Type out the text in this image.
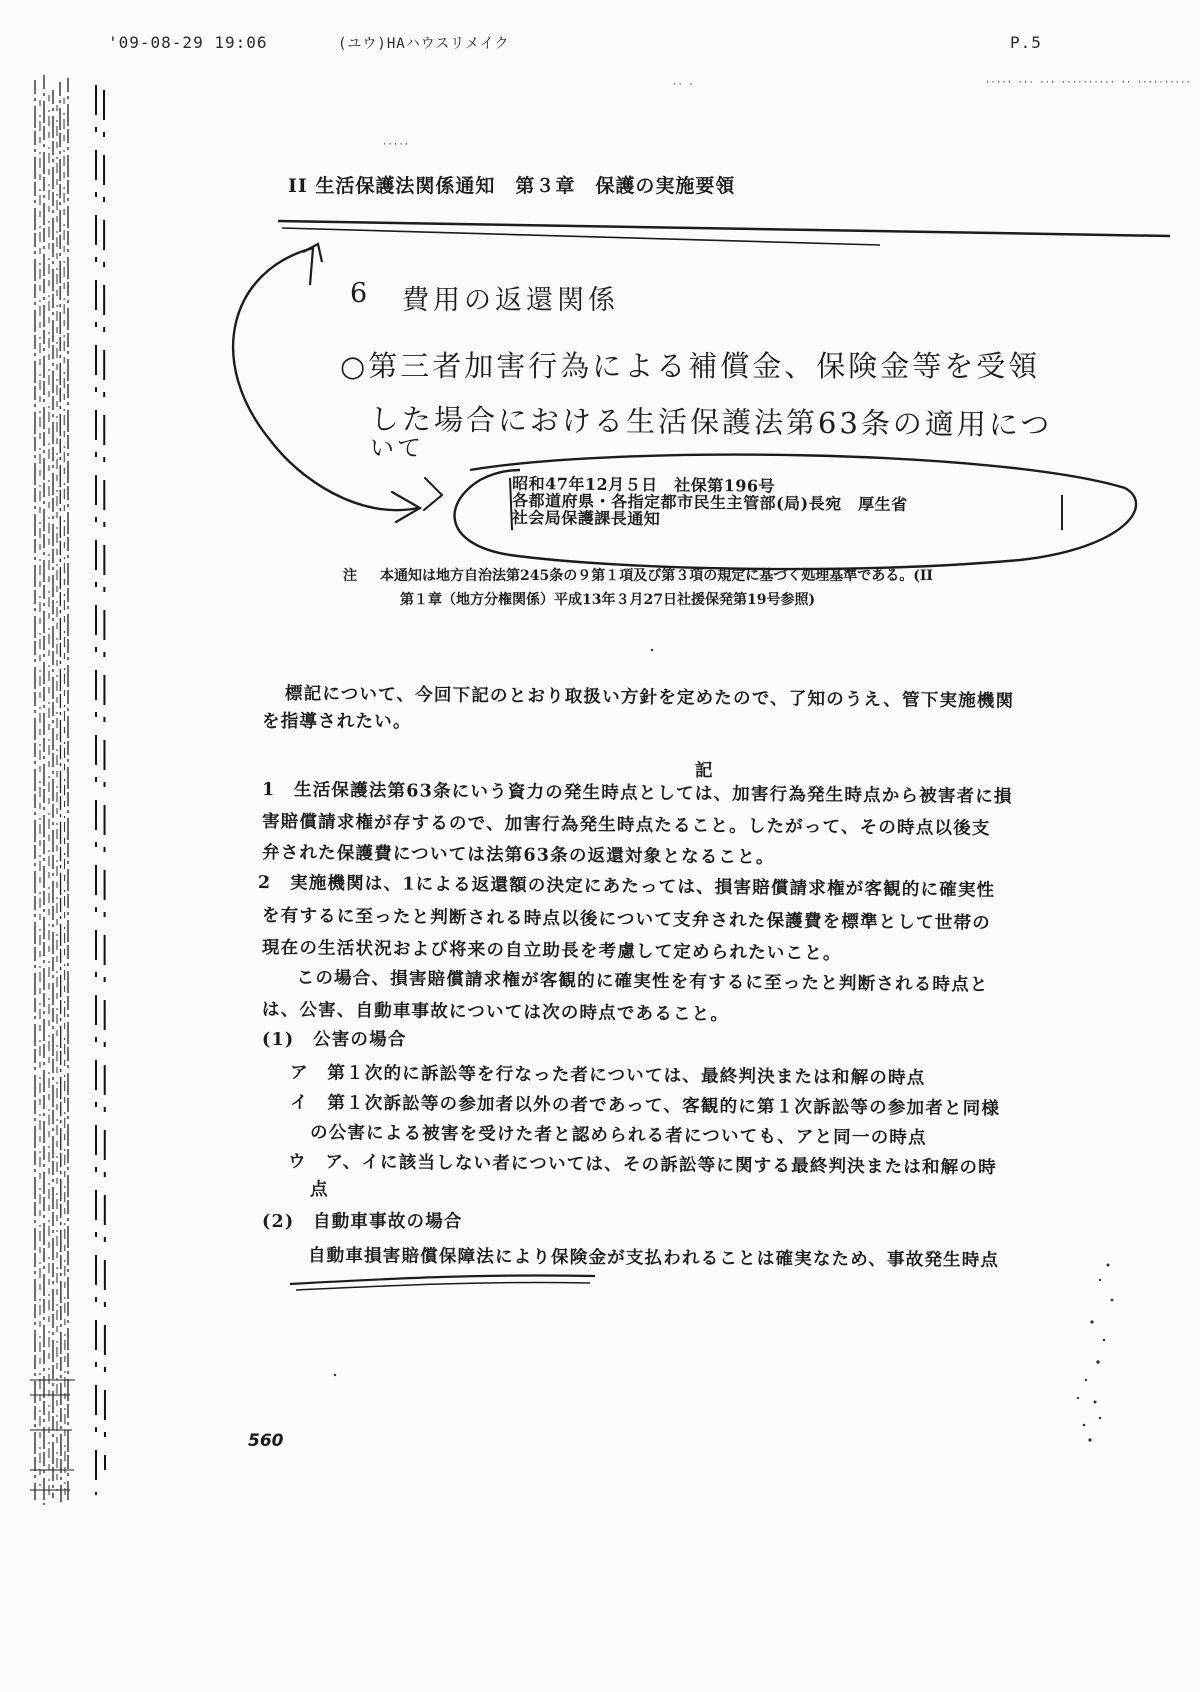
'09-08-29 19:06	(ユウ)HAハウスリメイク	P.5
····· ··· ··· ·········· ·· ··········
·· ·
·····
II 生活保護法関係通知　第３章　保護の実施要領
6 費用の返還関係
○第三者加害行為による補償金、保険金等を受領
した場合における生活保護法第63条の適用につ
いて
昭和47年12月５日　社保第196号
各都道府県・各指定都市民生主管部(局)長宛　厚生省
社会局保護課長通知
注 本通知は地方自治法第245条の９第１項及び第３項の規定に基づく処理基準である。(II
第１章（地方分権関係）平成13年３月27日社援保発第19号参照)
標記について、今回下記のとおり取扱い方針を定めたので、了知のうえ、管下実施機関
を指導されたい。
記
1　生活保護法第63条にいう資力の発生時点としては、加害行為発生時点から被害者に損
害賠償請求権が存するので、加害行為発生時点たること。したがって、その時点以後支
弁された保護費については法第63条の返還対象となること。
2　実施機関は、1による返還額の決定にあたっては、損害賠償請求権が客観的に確実性
を有するに至ったと判断される時点以後について支弁された保護費を標準として世帯の
現在の生活状況および将来の自立助長を考慮して定められたいこと。
　この場合、損害賠償請求権が客観的に確実性を有するに至ったと判断される時点と
は、公害、自動車事故については次の時点であること。
(1)　公害の場合
ア　第１次的に訴訟等を行なった者については、最終判決または和解の時点
イ　第１次訴訟等の参加者以外の者であって、客観的に第１次訴訟等の参加者と同様
の公害による被害を受けた者と認められる者についても、アと同一の時点
ウ　ア、イに該当しない者については、その訴訟等に関する最終判決または和解の時
点
(2)　自動車事故の場合
自動車損害賠償保障法により保険金が支払われることは確実なため、事故発生時点
560
